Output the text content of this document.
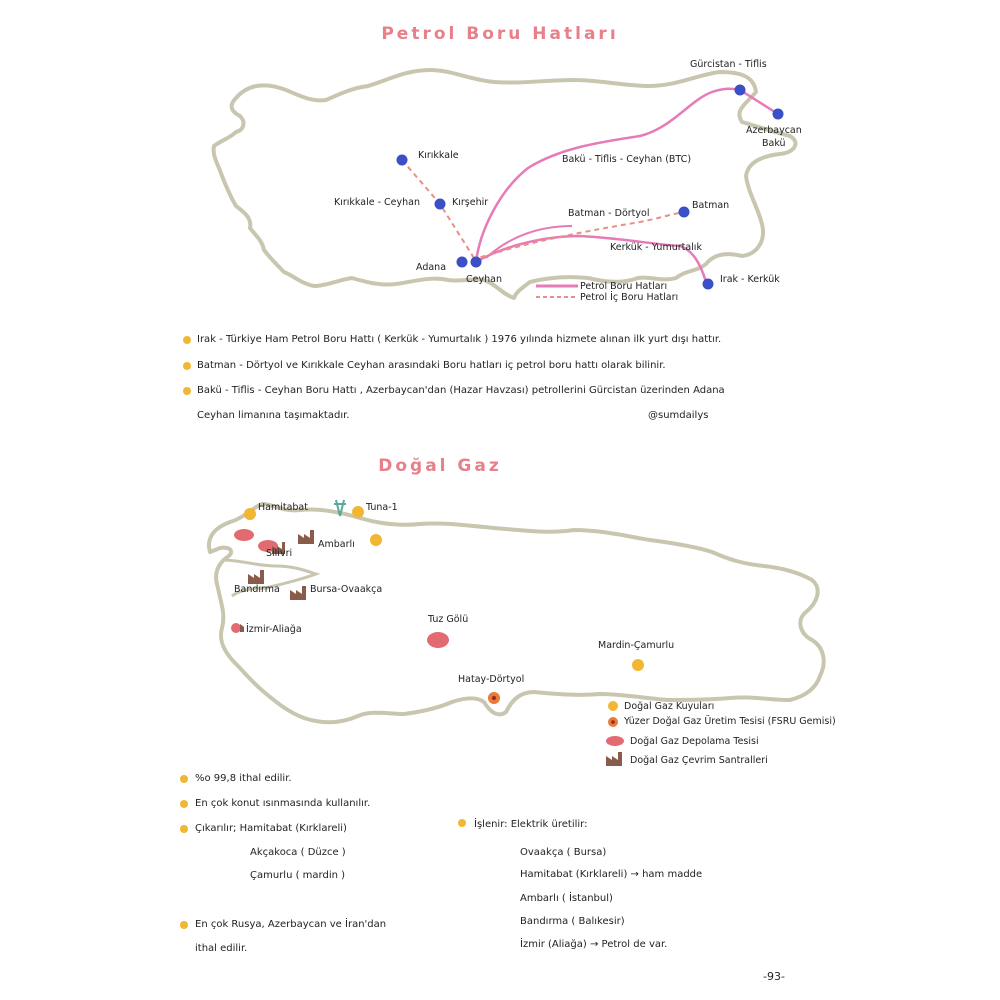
Petrol Boru Hatları
Gürcistan - Tiflis
Azerbaycan
Bakü
Bakü - Tiflis - Ceyhan (BTC)
Kırıkkale
Kırıkkale - Ceyhan	Kırşehir
Batman - Dörtyol
Batman
Kerkük - Yumurtalık
Adana
Ceyhan	Irak - Kerkük
Petrol Boru Hatları
Petrol İç Boru Hatları
Hamitabat	Tuna-1
Silivri
Ambarlı
Bandırma	Bursa-Ovaakça
İzmir-Aliağa
Tuz Gölü
Mardin-Çamurlu
Hatay-Dörtyol
Doğal Gaz Kuyuları
Yüzer Doğal Gaz Üretim Tesisi (FSRU Gemisi)
Doğal Gaz Depolama Tesisi
Doğal Gaz Çevrim Santralleri
Irak - Türkiye Ham Petrol Boru Hattı ( Kerkük - Yumurtalık ) 1976 yılında hizmete alınan ilk yurt dışı hattır.
Batman - Dörtyol ve Kırıkkale Ceyhan arasındaki Boru hatları iç petrol boru hattı olarak bilinir.
Bakü - Tiflis - Ceyhan Boru Hattı , Azerbaycan'dan (Hazar Havzası) petrollerini Gürcistan üzerinden Adana
Ceyhan limanına taşımaktadır.	@sumdailys
Doğal Gaz
%o 99,8 ithal edilir.
En çok konut ısınmasında kullanılır.
Çıkarılır; Hamitabat (Kırklareli)
Akçakoca ( Düzce )
Çamurlu ( mardin )
En çok Rusya, Azerbaycan ve İran'dan
ithal edilir.
İşlenir: Elektrik üretilir:
Ovaakça ( Bursa)
Hamitabat (Kırklareli) → ham madde
Ambarlı ( İstanbul)
Bandırma ( Balıkesir)
İzmir (Aliağa) → Petrol de var.
-93-
